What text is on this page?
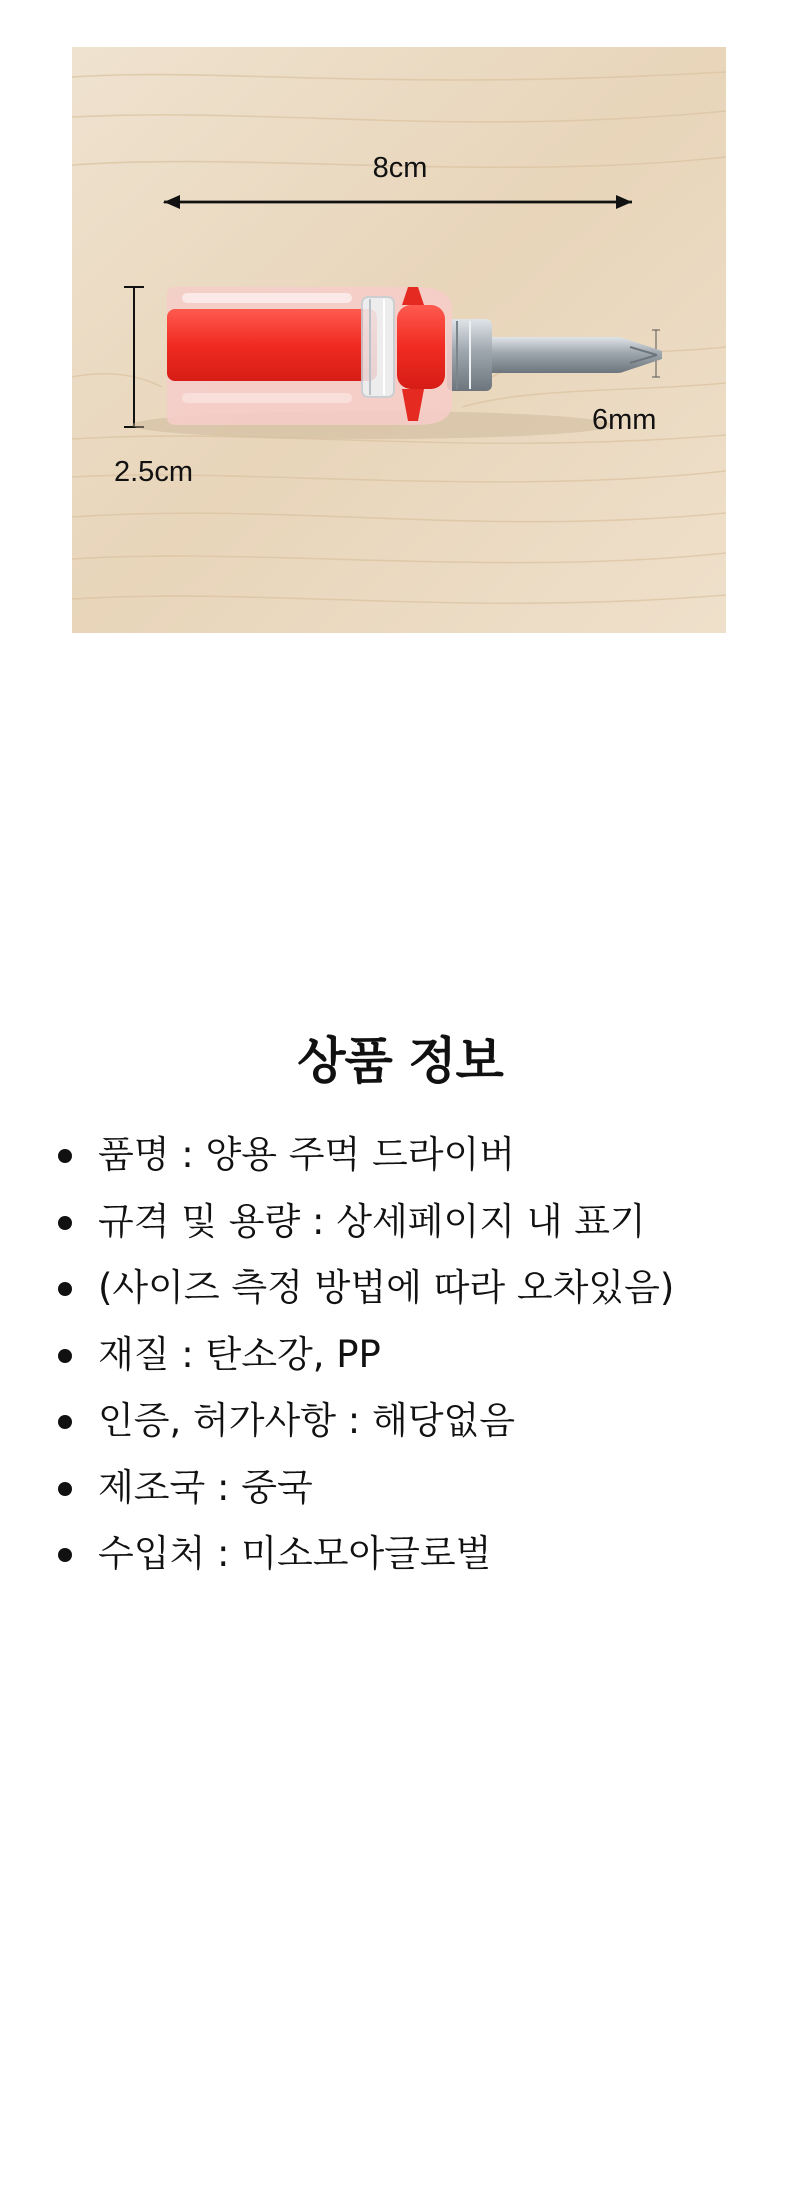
8cm
2.5cm
6mm
상품 정보
품명 : 양용 주먹 드라이버
규격 및 용량 : 상세페이지 내 표기
(사이즈 측정 방법에 따라 오차있음)
재질 : 탄소강, PP
인증, 허가사항 : 해당없음
제조국 : 중국
수입처 : 미소모아글로벌
